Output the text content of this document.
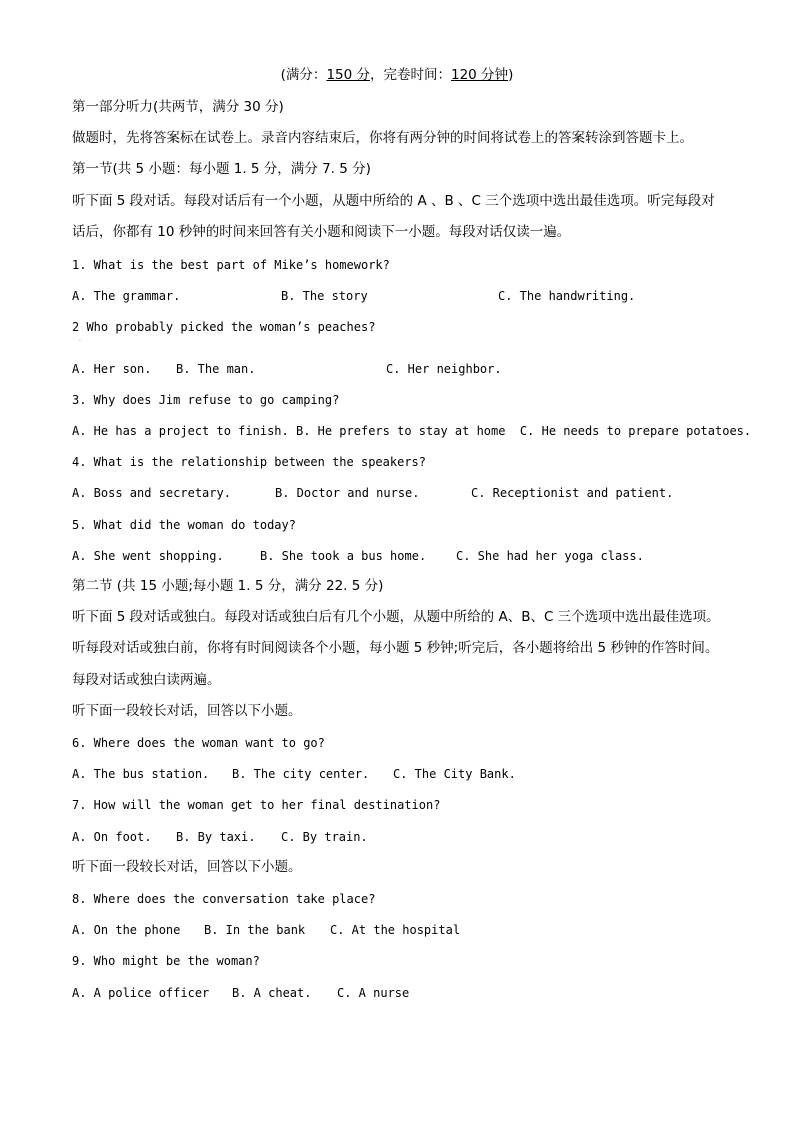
(满分：150 分，完卷时间：120 分钟)
第一部分听力(共两节，满分 30 分)
做题时，先将答案标在试卷上。录音内容结束后，你将有两分钟的时间将试卷上的答案转涂到答题卡上。
第一节(共 5 小题：每小题 1. 5 分，满分 7. 5 分)
听下面 5 段对话。每段对话后有一个小题，从题中所给的 A 、B 、C 三个选项中选出最佳选项。听完每段对
话后，你都有 10 秒钟的时间来回答有关小题和阅读下一小题。每段对话仅读一遍。
1. What is the best part of Mike’s homework?
A. The grammar.	B. The story	C. The handwriting.
2 Who probably picked the woman’s peaches?
·
A. Her son. B. The man.	C. Her neighbor.
3. Why does Jim refuse to go camping?
A. He has a project to finish. B. He prefers to stay at home  C. He needs to prepare potatoes.
4. What is the relationship between the speakers?
A. Boss and secretary.	B. Doctor and nurse.	C. Receptionist and patient.
5. What did the woman do today?
A. She went shopping.	B. She took a bus home. C. She had her yoga class.
第二节 (共 15 小题;每小题 1. 5 分，满分 22. 5 分)
听下面 5 段对话或独白。每段对话或独白后有几个小题，从题中所给的 A、B、C 三个选项中选出最佳选项。
听每段对话或独白前，你将有时间阅读各个小题，每小题 5 秒钟;听完后，各小题将给出 5 秒钟的作答时间。
每段对话或独白读两遍。
听下面一段较长对话，回答以下小题。
6. Where does the woman want to go?
A. The bus station. B. The city center. C. The City Bank.
7. How will the woman get to her final destination?
A. On foot. B. By taxi. C. By train.
听下面一段较长对话，回答以下小题。
8. Where does the conversation take place?
A. On the phone B. In the bank C. At the hospital
9. Who might be the woman?
A. A police officer B. A cheat. C. A nurse
